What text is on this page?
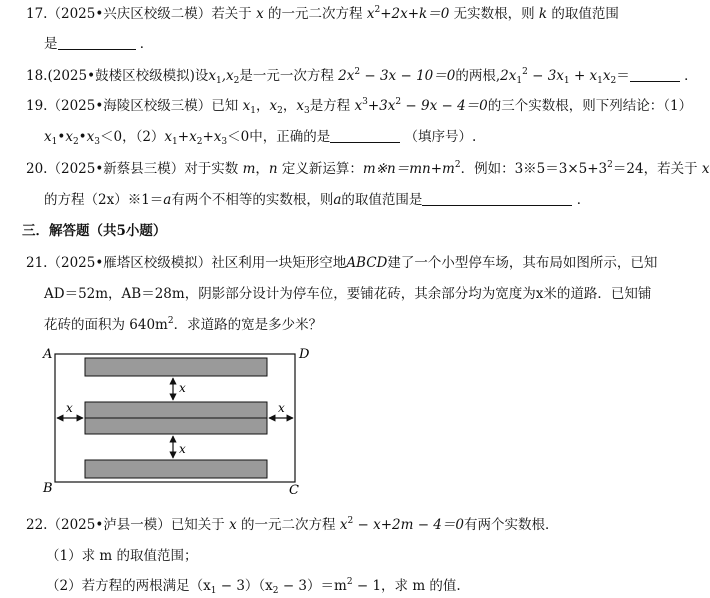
17.（2025•兴庆区校级二模）若关于 x 的一元二次方程 $x^2+2x+k=0$ 无实数根，则 k 的取值范围
是	．
18.(2025•鼓楼区校级模拟)设$x_1,x_2$是一元一次方程 $2x^2 - 3x - 10=0$的两根$,2x_1^2 - 3x_1 + x_1x_2=$	．
19.（2025•海陵区校级三模）已知 $x_1$，$x_2$，$x_3$是方程 $x^3+3x^2 - 9x - 4=0$的三个实数根，则下列结论：（1）
$x_1•x_2•x_3<0$，$(2)x_1+x_2+x_3<0$中，正确的是	（填序号）.
20.（2025•新蔡县三模）对于实数 m，n 定义新运算：$m※n=mn+m^2$．例如：$3※5=3\times 5+3^2=24$，若关于 x
的方程（2x）※1＝a有两个不相等的实数根，则a的取值范围是	．
三．解答题（共5小题）
21.（2025•雁塔区校级模拟）社区利用一块矩形空地ABCD建了一个小型停车场，其布局如图所示，已知
AD＝52m，AB＝28m，阴影部分设计为停车位，要铺花砖，其余部分均为宽度为x米的道路．已知铺
花砖的面积为 $640m^2$．求道路的宽是多少米？
A	D
B	C
x
x
x	x
22.（2025•泸县一模）已知关于 x 的一元二次方程 $x^2 - x+2m - 4=0$有两个实数根．
（1）求 m 的取值范围；
（2）若方程的两根满足$(x_1 - 3)(x_2 - 3)=m^2 - 1$，求 m 的值.
